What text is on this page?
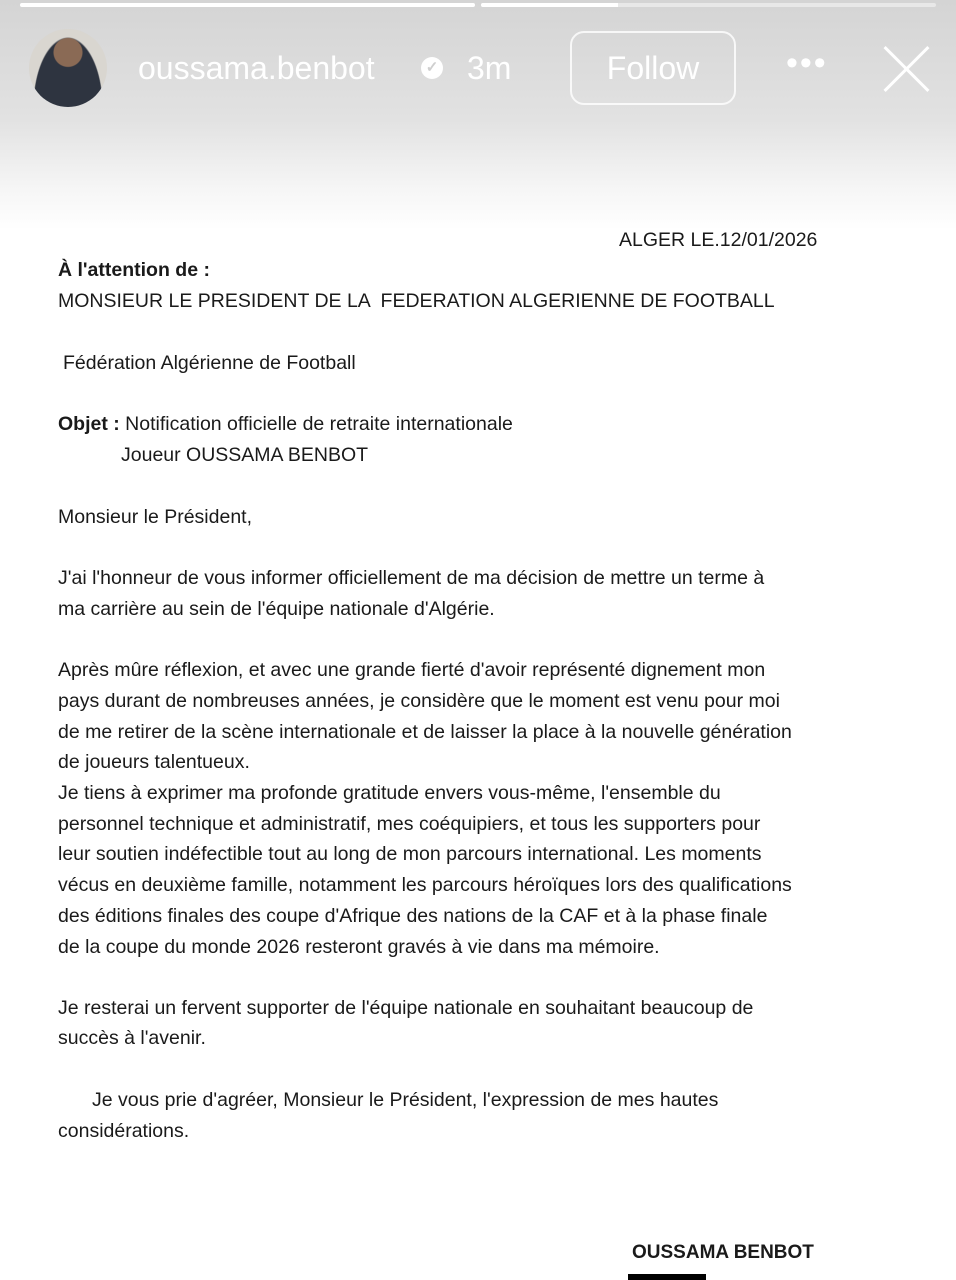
oussama.benbot	✓ 3m	Follow	•••
ALGER LE.12/01/2026
À l'attention de :
MONSIEUR LE PRESIDENT DE LA  FEDERATION ALGERIENNE DE FOOTBALL
Fédération Algérienne de Football
Objet : Notification officielle de retraite internationale
Joueur OUSSAMA BENBOT
Monsieur le Président,
J'ai l'honneur de vous informer officiellement de ma décision de mettre un terme à
ma carrière au sein de l'équipe nationale d'Algérie.
Après mûre réflexion, et avec une grande fierté d'avoir représenté dignement mon
pays durant de nombreuses années, je considère que le moment est venu pour moi
de me retirer de la scène internationale et de laisser la place à la nouvelle génération
de joueurs talentueux.
Je tiens à exprimer ma profonde gratitude envers vous-même, l'ensemble du
personnel technique et administratif, mes coéquipiers, et tous les supporters pour
leur soutien indéfectible tout au long de mon parcours international. Les moments
vécus en deuxième famille, notamment les parcours héroïques lors des qualifications
des éditions finales des coupe d'Afrique des nations de la CAF et à la phase finale
de la coupe du monde 2026 resteront gravés à vie dans ma mémoire.
Je resterai un fervent supporter de l'équipe nationale en souhaitant beaucoup de
succès à l'avenir.
Je vous prie d'agréer, Monsieur le Président, l'expression de mes hautes
considérations.
OUSSAMA BENBOT
